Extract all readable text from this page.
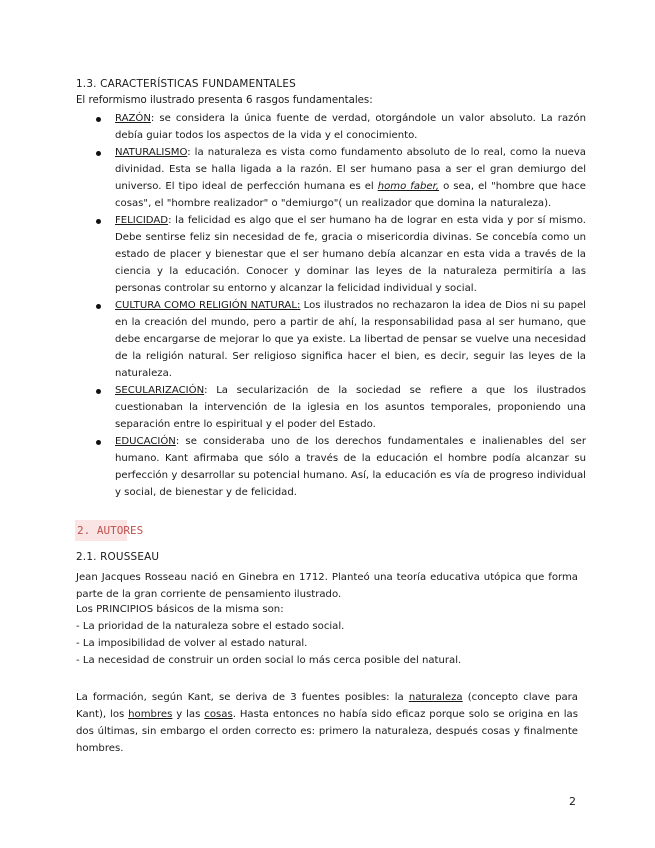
1.3. CARACTERÍSTICAS FUNDAMENTALES
El reformismo ilustrado presenta 6 rasgos fundamentales:
RAZÓN: se considera la única fuente de verdad, otorgándole un valor absoluto. La razón debía guiar todos los aspectos de la vida y el conocimiento.
NATURALISMO: la naturaleza es vista como fundamento absoluto de lo real, como la nueva divinidad. Esta se halla ligada a la razón. El ser humano pasa a ser el gran demiurgo del universo. El tipo ideal de perfección humana es el homo faber, o sea, el "hombre que hace cosas", el "hombre realizador" o "demiurgo"( un realizador que domina la naturaleza).
FELICIDAD: la felicidad es algo que el ser humano ha de lograr en esta vida y por sí mismo. Debe sentirse feliz sin necesidad de fe, gracia o misericordia divinas. Se concebía como un estado de placer y bienestar que el ser humano debía alcanzar en esta vida a través de la ciencia y la educación. Conocer y dominar las leyes de la naturaleza permitiría a las personas controlar su entorno y alcanzar la felicidad individual y social.
CULTURA COMO RELIGIÓN NATURAL: Los ilustrados no rechazaron la idea de Dios ni su papel en la creación del mundo, pero a partir de ahí, la responsabilidad pasa al ser humano, que debe encargarse de mejorar lo que ya existe. La libertad de pensar se vuelve una necesidad de la religión natural. Ser religioso significa hacer el bien, es decir, seguir las leyes de la naturaleza.
SECULARIZACIÓN: La secularización de la sociedad se refiere a que los ilustrados cuestionaban la intervención de la iglesia en los asuntos temporales, proponiendo una separación entre lo espiritual y el poder del Estado.
EDUCACIÓN: se consideraba uno de los derechos fundamentales e inalienables del ser humano. Kant afirmaba que sólo a través de la educación el hombre podía alcanzar su perfección y desarrollar su potencial humano. Así, la educación es vía de progreso individual y social, de bienestar y de felicidad.
2. AUTORES
2.1. ROUSSEAU

Jean Jacques Rosseau nació en Ginebra en 1712. Planteó una teoría educativa utópica que forma parte de la gran corriente de pensamiento ilustrado.

Los PRINCIPIOS básicos de la misma son:
- La prioridad de la naturaleza sobre el estado social.
- La imposibilidad de volver al estado natural.
- La necesidad de construir un orden social lo más cerca posible del natural.

La formación, según Kant, se deriva de 3 fuentes posibles: la naturaleza (concepto clave para Kant), los hombres y las cosas. Hasta entonces no había sido eficaz porque solo se origina en las dos últimas, sin embargo el orden correcto es: primero la naturaleza, después cosas y finalmente hombres.

2
